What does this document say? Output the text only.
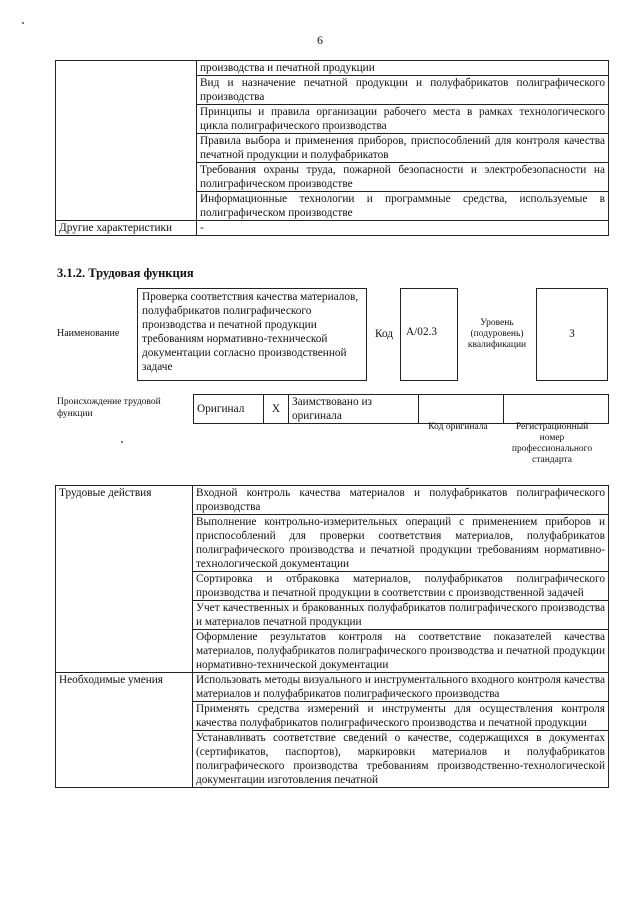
6
	производства и печатной продукции
	Вид и назначение печатной продукции и полуфабрикатов полиграфического производства
	Принципы и правила организации рабочего места в рамках технологического цикла полиграфического производства
	Правила выбора и применения приборов, приспособлений для контроля качества печатной продукции и полуфабрикатов
	Требования охраны труда, пожарной безопасности и электробезопасности на полиграфическом производстве
	Информационные технологии и программные средства, используемые в полиграфическом производстве
Другие характеристики	-
3.1.2. Трудовая функция
Наименование
Проверка соответствия качества материалов, полуфабрикатов полиграфического производства и печатной продукции требованиям нормативно-технической документации согласно производственной задаче
Код	А/02.3
Уровень (подуровень) квалификации
3
Происхождение трудовой функции	Оригинал	X	Заимствовано из оригинала		
Код оригинала	Регистрационный номер профессионального стандарта
Трудовые действия	Входной контроль качества материалов и полуфабрикатов полиграфического производства
	Выполнение контрольно-измерительных операций с применением приборов и приспособлений для проверки соответствия материалов, полуфабрикатов полиграфического производства и печатной продукции требованиям нормативно-технологической документации
	Сортировка и отбраковка материалов, полуфабрикатов полиграфического производства и печатной продукции в соответствии с производственной задачей
	Учет качественных и бракованных полуфабрикатов полиграфического производства и материалов печатной продукции
	Оформление результатов контроля на соответствие показателей качества материалов, полуфабрикатов полиграфического производства и печатной продукции нормативно-технической документации
Необходимые умения	Использовать методы визуального и инструментального входного контроля качества материалов и полуфабрикатов полиграфического производства
	Применять средства измерений и инструменты для осуществления контроля качества полуфабрикатов полиграфического производства и печатной продукции
	Устанавливать соответствие сведений о качестве, содержащихся в документах (сертификатов, паспортов), маркировки материалов и полуфабрикатов полиграфического производства требованиям производственно-технологической документации изготовления печатной
